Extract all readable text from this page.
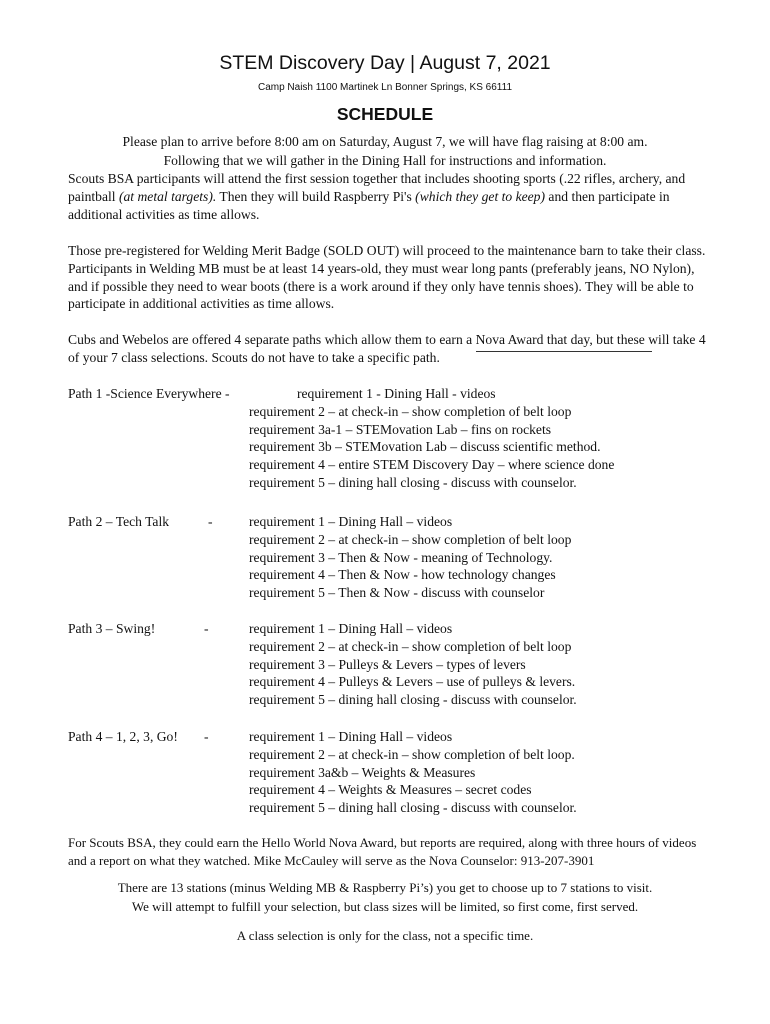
STEM Discovery Day | August 7, 2021
Camp Naish 1100 Martinek Ln Bonner Springs, KS 66111
SCHEDULE
Please plan to arrive before 8:00 am on Saturday, August 7, we will have flag raising at 8:00 am.
Following that we will gather in the Dining Hall for instructions and information.

Scouts BSA participants will attend the first session together that includes shooting sports (.22 rifles, archery, and paintball (at metal targets). Then they will build Raspberry Pi's (which they get to keep) and then participate in additional activities as time allows.

Those pre-registered for Welding Merit Badge (SOLD OUT) will proceed to the maintenance barn to take their class. Participants in Welding MB must be at least 14 years-old, they must wear long pants (preferably jeans, NO Nylon), and if possible they need to wear boots (there is a work around if they only have tennis shoes). They will be able to participate in additional activities as time allows.

Cubs and Webelos are offered 4 separate paths which allow them to earn a Nova Award that day, but these will take 4 of your 7 class selections. Scouts do not have to take a specific path.

Path 1 -Science Everywhere -	requirement 1 - Dining Hall - videos
requirement 2 – at check-in – show completion of belt loop
requirement 3a-1 – STEMovation Lab – fins on rockets
requirement 3b – STEMovation Lab – discuss scientific method.
requirement 4 – entire STEM Discovery Day – where science done
requirement 5 – dining hall closing - discuss with counselor.
Path 2 – Tech Talk	-	requirement 1 – Dining Hall – videos
requirement 2 – at check-in – show completion of belt loop
requirement 3 – Then & Now - meaning of Technology.
requirement 4 – Then & Now - how technology changes
requirement 5 – Then & Now - discuss with counselor
Path 3 – Swing!	-	requirement 1 – Dining Hall – videos
requirement 2 – at check-in – show completion of belt loop
requirement 3 – Pulleys & Levers – types of levers
requirement 4 – Pulleys & Levers – use of pulleys & levers.
requirement 5 – dining hall closing - discuss with counselor.
Path 4 – 1, 2, 3, Go! -	requirement 1 – Dining Hall – videos
requirement 2 – at check-in – show completion of belt loop.
requirement 3a&b – Weights & Measures
requirement 4 – Weights & Measures – secret codes
requirement 5 – dining hall closing - discuss with counselor.

For Scouts BSA, they could earn the Hello World Nova Award, but reports are required, along with three hours of videos and a report on what they watched. Mike McCauley will serve as the Nova Counselor: 913-207-3901

There are 13 stations (minus Welding MB & Raspberry Pi’s) you get to choose up to 7 stations to visit.
We will attempt to fulfill your selection, but class sizes will be limited, so first come, first served.
A class selection is only for the class, not a specific time.
